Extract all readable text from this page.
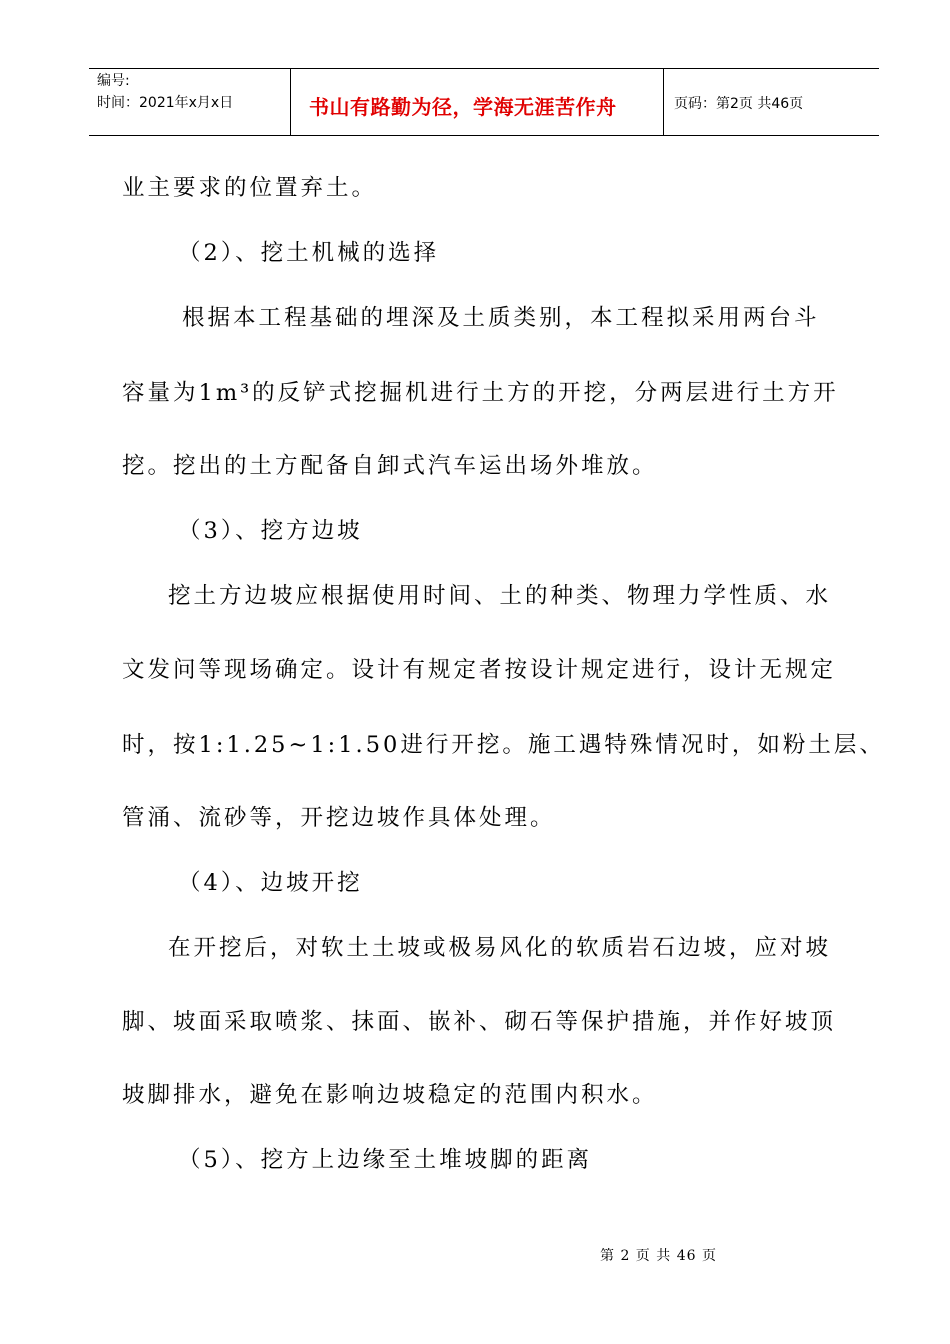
编号:
时间：2021年x月x日	书山有路勤为径，学海无涯苦作舟	页码：第2页 共46页
业主要求的位置弃土。
（2）、挖土机械的选择
根据本工程基础的埋深及土质类别，本工程拟采用两台斗
容量为1m³的反铲式挖掘机进行土方的开挖，分两层进行土方开
挖。挖出的土方配备自卸式汽车运出场外堆放。
（3）、挖方边坡
挖土方边坡应根据使用时间、土的种类、物理力学性质、水
文发问等现场确定。设计有规定者按设计规定进行，设计无规定
时，按1:1.25~1:1.50进行开挖。施工遇特殊情况时，如粉土层、
管涌、流砂等，开挖边坡作具体处理。
（4）、边坡开挖
在开挖后，对软土土坡或极易风化的软质岩石边坡，应对坡
脚、坡面采取喷浆、抹面、嵌补、砌石等保护措施，并作好坡顶
坡脚排水，避免在影响边坡稳定的范围内积水。
（5）、挖方上边缘至土堆坡脚的距离
第 2 页 共 46 页
